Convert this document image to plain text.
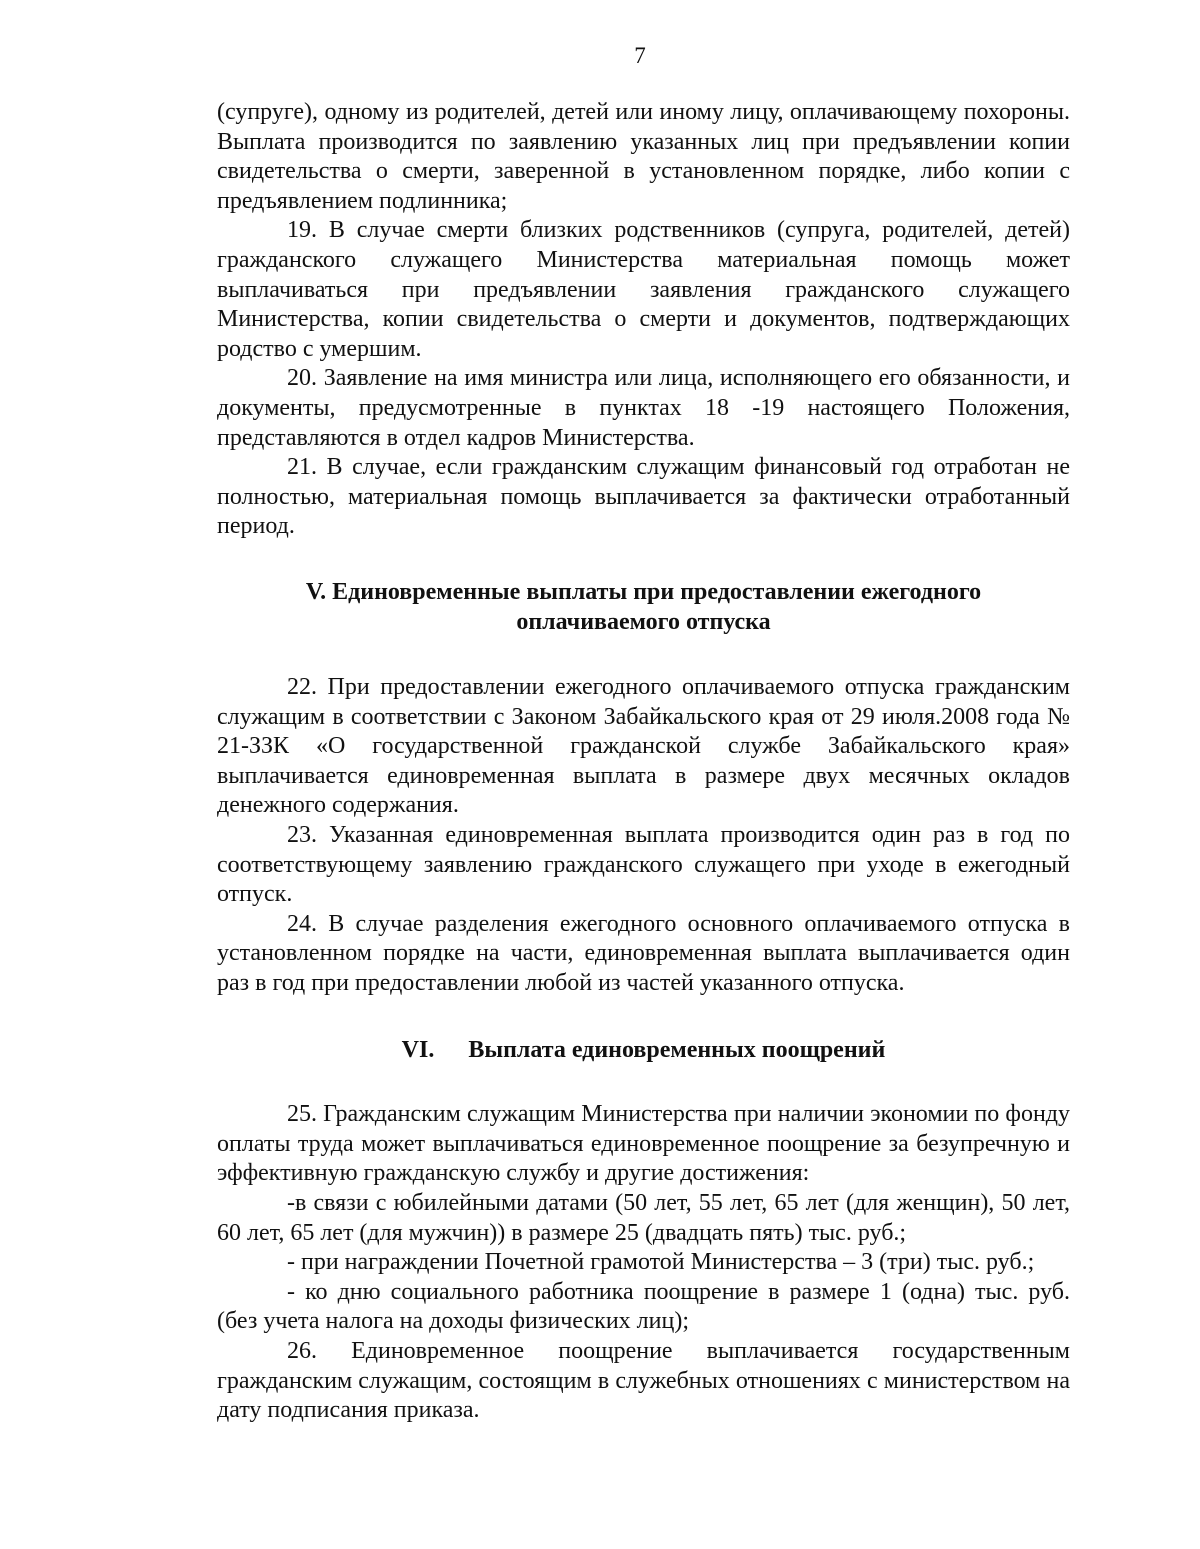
7

(супруге), одному из родителей, детей или иному лицу, оплачивающему похороны. Выплата производится по заявлению указанных лиц при предъявлении копии свидетельства о смерти, заверенной в установленном порядке, либо копии с предъявлением подлинника;

19. В случае смерти близких родственников (супруга, родителей, детей) гражданского служащего Министерства материальная помощь может выплачиваться при предъявлении заявления гражданского служащего Министерства, копии свидетельства о смерти и документов, подтверждающих родство с умершим.

20. Заявление на имя министра или лица, исполняющего его обязанности, и документы, предусмотренные в пунктах 18 -19 настоящего Положения, представляются в отдел кадров Министерства.

21. В случае, если гражданским служащим финансовый год отработан не полностью, материальная помощь выплачивается за фактически отработанный период.

V. Единовременные выплаты при предоставлении ежегодного

оплачиваемого отпуска

22. При предоставлении ежегодного оплачиваемого отпуска гражданским служащим в соответствии с Законом Забайкальского края от 29 июля.2008 года № 21-ЗЗК «О государственной гражданской службе Забайкальского края» выплачивается единовременная выплата в размере двух месячных окладов денежного содержания.

23. Указанная единовременная выплата производится один раз в год по соответствующему заявлению гражданского служащего при уходе в ежегодный отпуск.

24. В случае разделения ежегодного основного оплачиваемого отпуска в установленном порядке на части, единовременная выплата выплачивается один раз в год при предоставлении любой из частей указанного отпуска.

VI. Выплата единовременных поощрений

25. Гражданским служащим Министерства при наличии экономии по фонду оплаты труда может выплачиваться единовременное поощрение за безупречную и эффективную гражданскую службу и другие достижения:

-в связи с юбилейными датами (50 лет, 55 лет, 65 лет (для женщин), 50 лет, 60 лет, 65 лет (для мужчин)) в размере 25 (двадцать пять) тыс. руб.;

- при награждении Почетной грамотой Министерства – 3 (три) тыс. руб.;

- ко дню социального работника поощрение в размере 1 (одна) тыс. руб. (без учета налога на доходы физических лиц);

26. Единовременное поощрение выплачивается государственным гражданским служащим, состоящим в служебных отношениях с министерством на дату подписания приказа.
